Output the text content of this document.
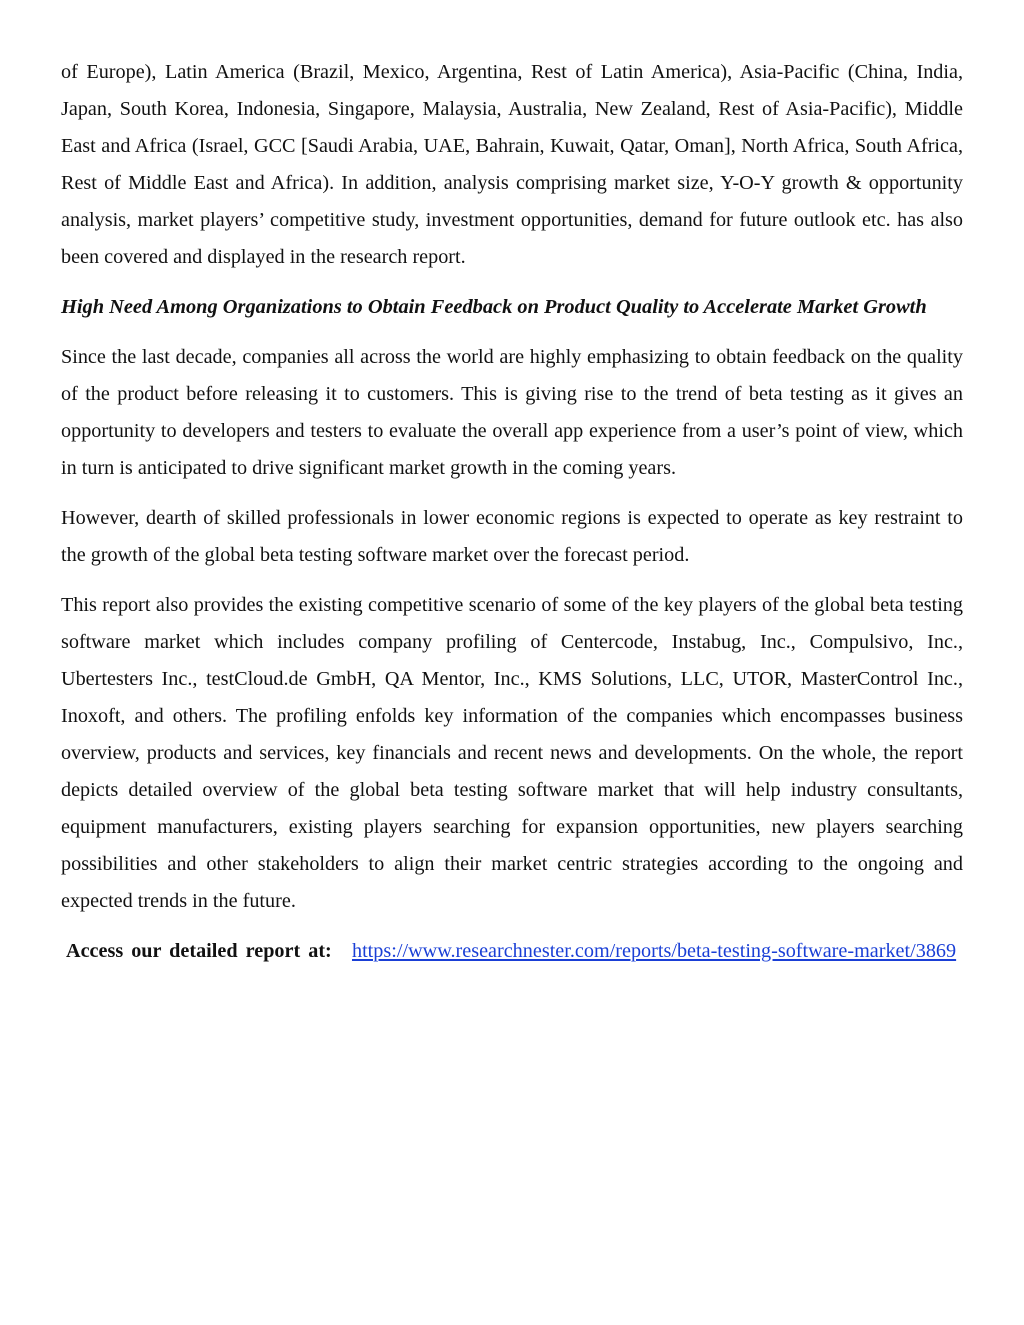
of Europe), Latin America (Brazil, Mexico, Argentina, Rest of Latin America), Asia-Pacific (China, India, Japan, South Korea, Indonesia, Singapore, Malaysia, Australia, New Zealand, Rest of Asia-Pacific), Middle East and Africa (Israel, GCC [Saudi Arabia, UAE, Bahrain, Kuwait, Qatar, Oman], North Africa, South Africa, Rest of Middle East and Africa). In addition, analysis comprising market size, Y-O-Y growth & opportunity analysis, market players’ competitive study, investment opportunities, demand for future outlook etc. has also been covered and displayed in the research report.

High Need Among Organizations to Obtain Feedback on Product Quality to Accelerate Market Growth

Since the last decade, companies all across the world are highly emphasizing to obtain feedback on the quality of the product before releasing it to customers. This is giving rise to the trend of beta testing as it gives an opportunity to developers and testers to evaluate the overall app experience from a user’s point of view, which in turn is anticipated to drive significant market growth in the coming years.

However, dearth of skilled professionals in lower economic regions is expected to operate as key restraint to the growth of the global beta testing software market over the forecast period.

This report also provides the existing competitive scenario of some of the key players of the global beta testing software market which includes company profiling of Centercode, Instabug, Inc., Compulsivo, Inc., Ubertesters Inc., testCloud.de GmbH, QA Mentor, Inc., KMS Solutions, LLC, UTOR, MasterControl Inc., Inoxoft, and others. The profiling enfolds key information of the companies which encompasses business overview, products and services, key financials and recent news and developments. On the whole, the report depicts detailed overview of the global beta testing software market that will help industry consultants, equipment manufacturers, existing players searching for expansion opportunities, new players searching possibilities and other stakeholders to align their market centric strategies according to the ongoing and expected trends in the future.

Access our detailed report at: https://www.researchnester.com/reports/beta-testing-software-market/3869
